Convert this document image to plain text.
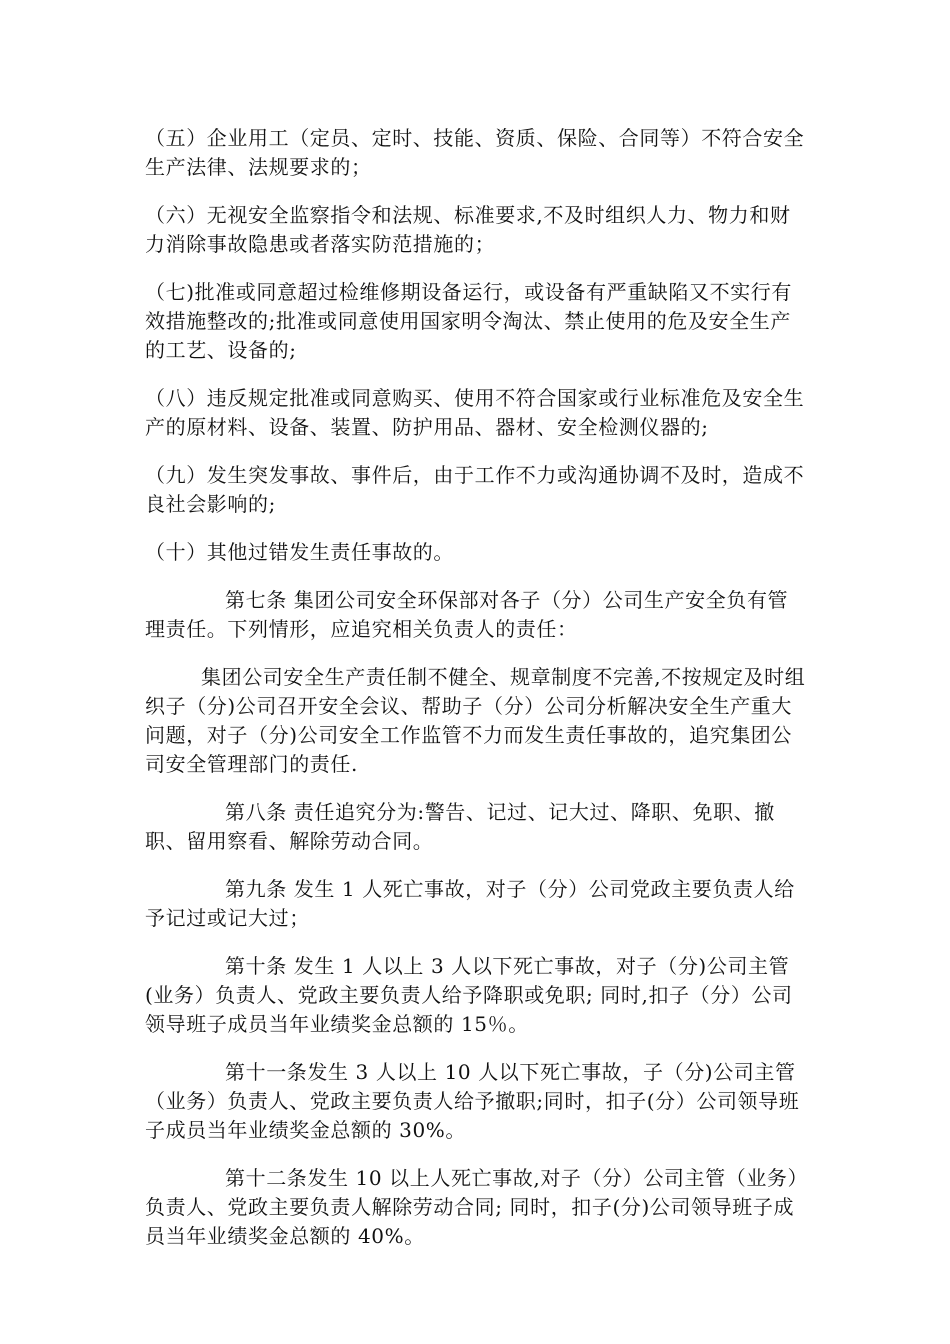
（五）企业用工（定员、定时、技能、资质、保险、合同等）不符合安全生产法律、法规要求的；

（六）无视安全监察指令和法规、标准要求,不及时组织人力、物力和财力消除事故隐患或者落实防范措施的；

（七)批准或同意超过检维修期设备运行，或设备有严重缺陷又不实行有效措施整改的;批准或同意使用国家明令淘汰、禁止使用的危及安全生产的工艺、设备的;

（八）违反规定批准或同意购买、使用不符合国家或行业标准危及安全生产的原材料、设备、装置、防护用品、器材、安全检测仪器的;

（九）发生突发事故、事件后，由于工作不力或沟通协调不及时，造成不良社会影响的;

（十）其他过错发生责任事故的。

第七条 集团公司安全环保部对各子（分）公司生产安全负有管理责任。下列情形，应追究相关负责人的责任：

集团公司安全生产责任制不健全、规章制度不完善,不按规定及时组织子（分)公司召开安全会议、帮助子（分）公司分析解决安全生产重大问题，对子（分)公司安全工作监管不力而发生责任事故的，追究集团公司安全管理部门的责任.

第八条 责任追究分为:警告、记过、记大过、降职、免职、撤职、留用察看、解除劳动合同。

第九条 发生 1 人死亡事故，对子（分）公司党政主要负责人给予记过或记大过；

第十条 发生 1 人以上 3 人以下死亡事故，对子（分)公司主管(业务）负责人、党政主要负责人给予降职或免职; 同时,扣子（分）公司领导班子成员当年业绩奖金总额的 15％。

第十一条发生 3 人以上 10 人以下死亡事故，子（分)公司主管（业务）负责人、党政主要负责人给予撤职;同时，扣子(分）公司领导班子成员当年业绩奖金总额的 30%。

第十二条发生 10 以上人死亡事故,对子（分）公司主管（业务）负责人、党政主要负责人解除劳动合同; 同时，扣子(分)公司领导班子成员当年业绩奖金总额的 40%。
